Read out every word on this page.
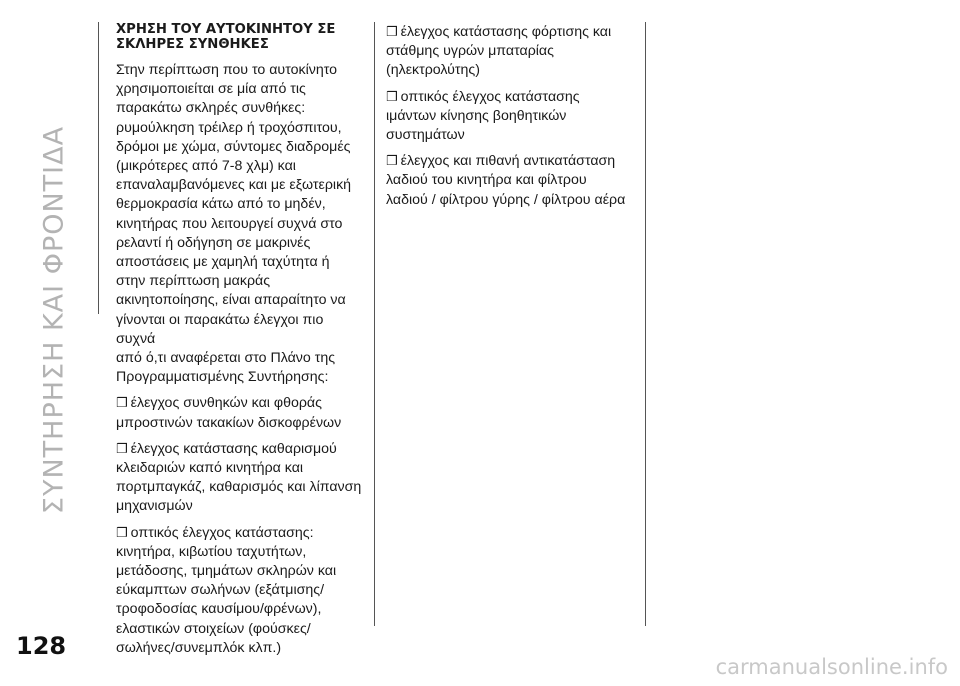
ΣΥΝΤΗΡΗΣΗ ΚΑΙ ΦΡΟΝΤΙΔΑ
128
ΧΡΗΣΗ ΤΟΥ ΑΥΤΟΚΙΝΗΤΟΥ ΣΕ
ΣΚΛΗΡΕΣ ΣΥΝΘΗΚΕΣ
Στην περίπτωση που το αυτοκίνητο
χρησιμοποιείται σε μία από τις
παρακάτω σκληρές συνθήκες:
ρυμούλκηση τρέιλερ ή τροχόσπιτου,
δρόμοι με χώμα, σύντομες διαδρομές
(μικρότερες από 7-8 χλμ) και
επαναλαμβανόμενες και με εξωτερική
θερμοκρασία κάτω από το μηδέν,
κινητήρας που λειτουργεί συχνά στο
ρελαντί ή οδήγηση σε μακρινές
αποστάσεις με χαμηλή ταχύτητα ή
στην περίπτωση μακράς
ακινητοποίησης, είναι απαραίτητο να
γίνονται οι παρακάτω έλεγχοι πιο συχνά
από ό,τι αναφέρεται στο Πλάνο της
Προγραμματισμένης Συντήρησης:
❒ έλεγχος συνθηκών και φθοράς
μπροστινών τακακίων δισκοφρένων
❒ έλεγχος κατάστασης καθαρισμού
κλειδαριών καπό κινητήρα και
πορτμπαγκάζ, καθαρισμός και λίπανση
μηχανισμών
❒ οπτικός έλεγχος κατάστασης:
κινητήρα, κιβωτίου ταχυτήτων,
μετάδοσης, τμημάτων σκληρών και
εύκαμπτων σωλήνων (εξάτμισης/
τροφοδοσίας καυσίμου/φρένων),
ελαστικών στοιχείων (φούσκες/
σωλήνες/συνεμπλόκ κλπ.)
❒ έλεγχος κατάστασης φόρτισης και
στάθμης υγρών μπαταρίας
(ηλεκτρολύτης)
❒ οπτικός έλεγχος κατάστασης
ιμάντων κίνησης βοηθητικών
συστημάτων
❒ έλεγχος και πιθανή αντικατάσταση
λαδιού του κινητήρα και φίλτρου
λαδιού / φίλτρου γύρης / φίλτρου αέρα
carmanualsonline.info
